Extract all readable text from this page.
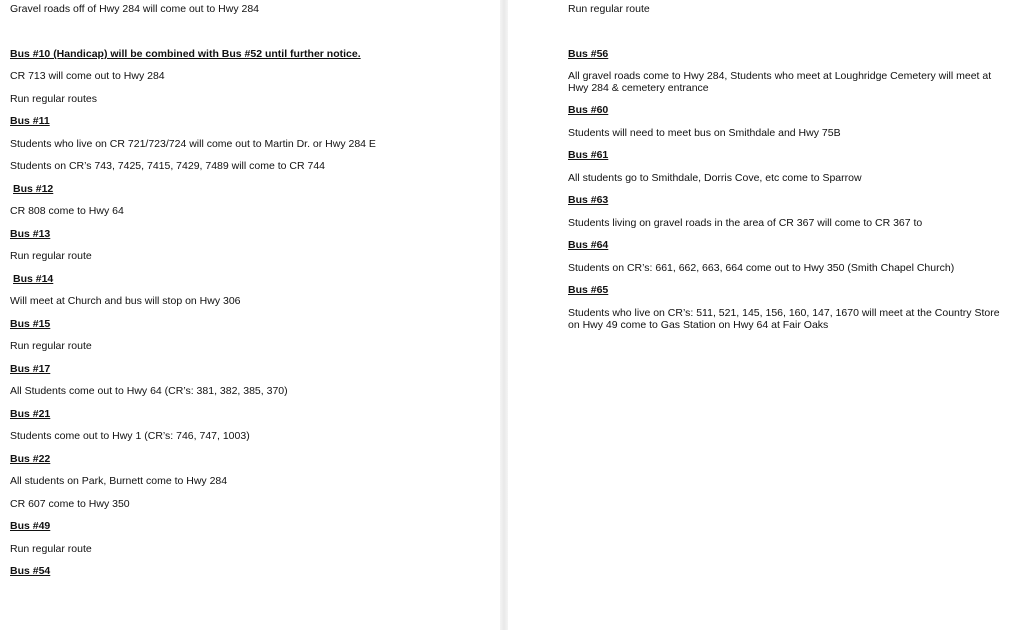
Gravel roads off of Hwy 284 will come out to Hwy 284
Bus #10 (Handicap) will be combined with Bus #52 until further notice.
CR 713 will come out to Hwy 284
Run regular routes
Bus #11
Students who live on CR 721/723/724 will come out to Martin Dr. or Hwy 284 E
Students on CR’s 743, 7425, 7415, 7429, 7489 will come to CR 744
Bus #12
CR 808 come to Hwy 64
Bus #13
Run regular route
Bus #14
Will meet at Church and bus will stop on Hwy 306
Bus #15
Run regular route
Bus #17
All Students come out to Hwy 64 (CR’s: 381, 382, 385, 370)
Bus #21
Students come out to Hwy 1 (CR’s: 746, 747, 1003)
Bus #22
All students on Park, Burnett come to Hwy 284
CR 607 come to Hwy 350
Bus #49
Run regular route
Bus #54
Run regular route
Bus #56
All gravel roads come to Hwy 284, Students who meet at Loughridge Cemetery will meet at Hwy 284 & cemetery entrance
Bus #60
Students will need to meet bus on Smithdale and Hwy 75B
Bus #61
All students go to Smithdale, Dorris Cove, etc come to Sparrow
Bus #63
Students living on gravel roads in the area of CR 367 will come to CR 367 to
Bus #64
Students on CR’s: 661, 662, 663, 664 come out to Hwy 350 (Smith Chapel Church)
Bus #65
Students who live on CR’s: 511, 521, 145, 156, 160, 147, 1670 will meet at the Country Store on Hwy 49 come to Gas Station on Hwy 64 at Fair Oaks
